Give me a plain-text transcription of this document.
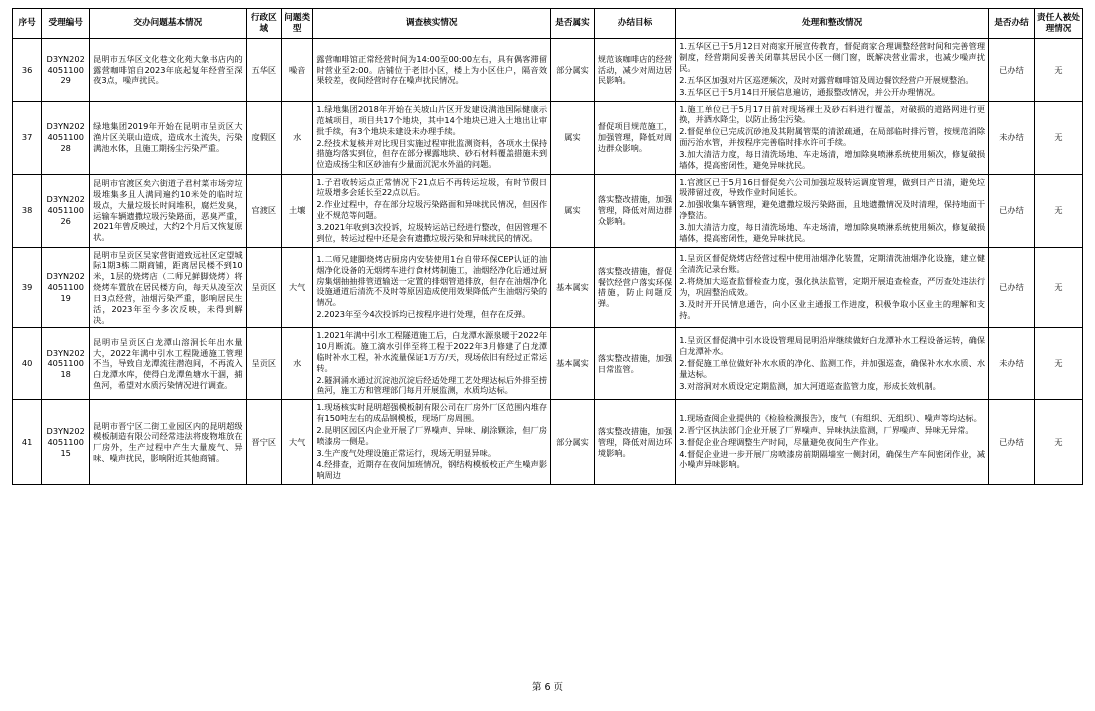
序号	受理编号	交办问题基本情况	行政区域	问题类型	调查核实情况	是否属实	办结目标	处理和整改情况	是否办结	责任人被处理情况
36	D3YN202405110029	昆明市五华区文化巷文化苑大象书店内的露营咖啡馆自2023年底起复年经营至深夜3点，噪声扰民。	五华区	噪音	露营咖啡馆正常经营时间为14:00至00:00左右，具有偶客滞留时营业至2:00。店铺位于老旧小区，楼上为小区住户，隔音效果较差，夜间经营时存在噪声扰民情况。	部分属实	规范该咖啡店的经营活动，减少对周边居民影响。	1.五华区已于5月12日对商家开展宣传教育，督促商家合理调整经营时间和完善管理制度，经营期间妥善关闭靠其居民小区一侧门窗，既解决营业需求，也减少噪声扰民。

2.五华区加强对片区巡逻频次，及时对露营咖啡馆及周边餐饮经营户开展规整治。

3.五华区已于5月14日开展信息遍访，通报整改情况，并公开办理情况。	已办结	无
37	D3YN202405110028	绿地集团2019年开始在昆明市呈贡区大渔片区关联山造成，造成水土流失，污染满池水体，且施工期扬尘污染严重。	度假区	水	

1.绿地集团2018年开始在关坡山片区开发建设满池国际健康示范城项目，项目共17个地块，其中14个地块已进入土地出让审批手续，有3个地块未建设未办理手续。

2.经技术复核并对比现目实施过程审批监测资料，各项水土保持措施均落实到位，但存在部分裸露地块、砂石材料覆盖措施未到位造成扬尘和区砂油有少量面沉泥水外溢的问题。

	属实	督促项目规范施工，加强管理，降低对周边群众影响。	

1.施工单位已于5月17日前对现场裸土及砂石料进行覆盖，对破损的道路网进行更换，并洒水降尘，以防止扬尘污染。

2.督促单位已完成沉砂池及其附属管渠的清淤疏通，在局部临时排污管，按规范消除面污治水管，并按程序完善临时排水许可手续。

3.加大清洁力度，每日清洗场地、车走场清，增加除臭喷淋系统使用频次，修复破损墙体，提高密闭性，避免异味扰民。

	未办结	无
38	D3YN202405110026	昆明市官渡区矣六街道子君村菜市场旁垃圾堆集多且人满同遍约10米处的临时垃圾点，大量垃圾长时间堆积，腐烂发臭，运输车辆遗撒垃圾污染路面，恶臭严重，2021年曾反映过，大约2个月后又恢复原状。	官渡区	土壤	

1.子君收转运点正常情况下21点后不再转运垃圾，有时节假日垃圾增多会延长至22点以后。

2.作业过程中，存在部分垃圾污染路面和异味扰民情况，但因作业不规范等问题。

3.2021年收到3次投诉，垃圾转运站已经进行整改，但因管理不到位，转运过程中还是会有遗撒垃圾污染和异味扰民的情况。

	属实	落实整改措施，加强管理，降低对周边群众影响。	

1.官渡区已于5月16日督促矣六公司加强垃圾转运调度管理，做到日产日清，避免垃圾滞留过夜，导致作业时间延长。

2.加强收集车辆管理，避免遗撒垃圾污染路面，且地遗撒情况及时清理，保持地面干净整洁。

3.加大清洁力度，每日清洗场地、车走场清，增加除臭喷淋系统使用频次，修复破损墙体，提高密闭性，避免异味扰民。

	已办结	无
39	D3YN202405110019	昆明市呈贡区吴家营街道致远社区定望城际1期3栋二期商铺，距离居民楼不到10米，1层的烧烤店（二师兄鲜脚烧烤）将烧烤车置放在居民楼方向，每天从凌至次日3点经营，油烟污染严重，影响居民生活，2023年至今多次反映，未得到解决。	呈贡区	大气	

1.二师兄建脚烧烤店厨房内安装使用1台自带环保CEP认证的油烟净化设备的无烟烤车进行食材烤制施工，油烟经净化后通过厨房集烟抽抽排管道输送一定置的排烟管道排放，但存在油烟净化设施通道后清洗不及时等原因造成使用效果降低产生油烟污染的情况。

2.2023年至今4次投诉均已按程序进行处理，但存在反弹。

	基本属实	落实整改措施，督促餐饮经营户落实环保措施，防止问题反弹。	

1.呈贡区督促烧烤店经营过程中使用油烟净化装置，定期清洗油烟净化设施，建立健全清洗记录台账。

2.将烧加大巡查监督检查力度，强化执法监管，定期开展追查检查，严厉查处违法行为，巩固整治成效。

3.及时开开民情息通告，向小区业主通报工作进度，积极争取小区业主的理解和支持。

	已办结	无
40	D3YN202405110018	昆明市呈贡区白龙潭山溶洞长年出水量大，2022年满中引水工程陇通施工管理不当，导致自龙潭流往潜泡间，不再流入白龙潭水库，使得白龙潭鱼塘水干涸，捕鱼河，希望对水质污染情况进行调查。	呈贡区	水	

1.2021年满中引水工程隧道施工后，白龙潭水源泉暖于2022年10月断流。施工滴水引伴至将工程于2022年3月修建了白龙潭临时补水工程，补水流量保证1万方/天，现场依旧有经过正常运转。

2.隧洞涌水通过沉淀池沉淀后经适处理工艺处理达标后外排至捞鱼河，施工方和管理部门每月开展监测，水质均达标。

	基本属实	落实整改措施，加强日常监管。	

1.呈贡区督促满中引水设设管理局昆明沿岸继续做好白龙潭补水工程设备运转，确保白龙潭补水。

2.督促施工单位做好补水水质的净化、监测工作，并加强巡查，确保补水水水质、水量达标。

3.对溶洞对水质设定定期监测，加大河道巡查监管力度，形成长效机制。

	未办结	无
41	D3YN202405110015	昆明市晋宁区二街工业园区内的昆明超级模板制造有限公司经常违法将废物堆放在厂房外，生产过程中产生大量废气、异味、噪声扰民，影响附近其他商铺。	晋宁区	大气	

1.现场核实时昆明超强模板制有限公司在厂房外厂区范围内堆存有150吨左右的成品钢模板，现场厂房周围。

2.昆明区园区内企业开展了厂界噪声、异味、刷涂颗涂，但厂房喷漆房一侧是。

3.生产废气处理设施正常运行，现场无明显异味。

4.经排查，近期存在夜间加班情况，钢结构模板校正产生噪声影响周边

	部分属实	落实整改措施，加强管理，降低对周边环境影响。	

1.现场查阅企业提供的《检验检测报告》，废气（有组织、无组织）、噪声等均达标。

2.晋宁区执法部门企业开展了厂界噪声、异味执法监测，厂界噪声、异味无异常。

3.督促企业合理调整生产时间，尽量避免夜间生产作业。

4.督促企业进一步开展厂房喷漆房前期隔墙室一侧封闭，确保生产车间密闭作业，减小噪声异味影响。

	已办结	无
第 6 页
